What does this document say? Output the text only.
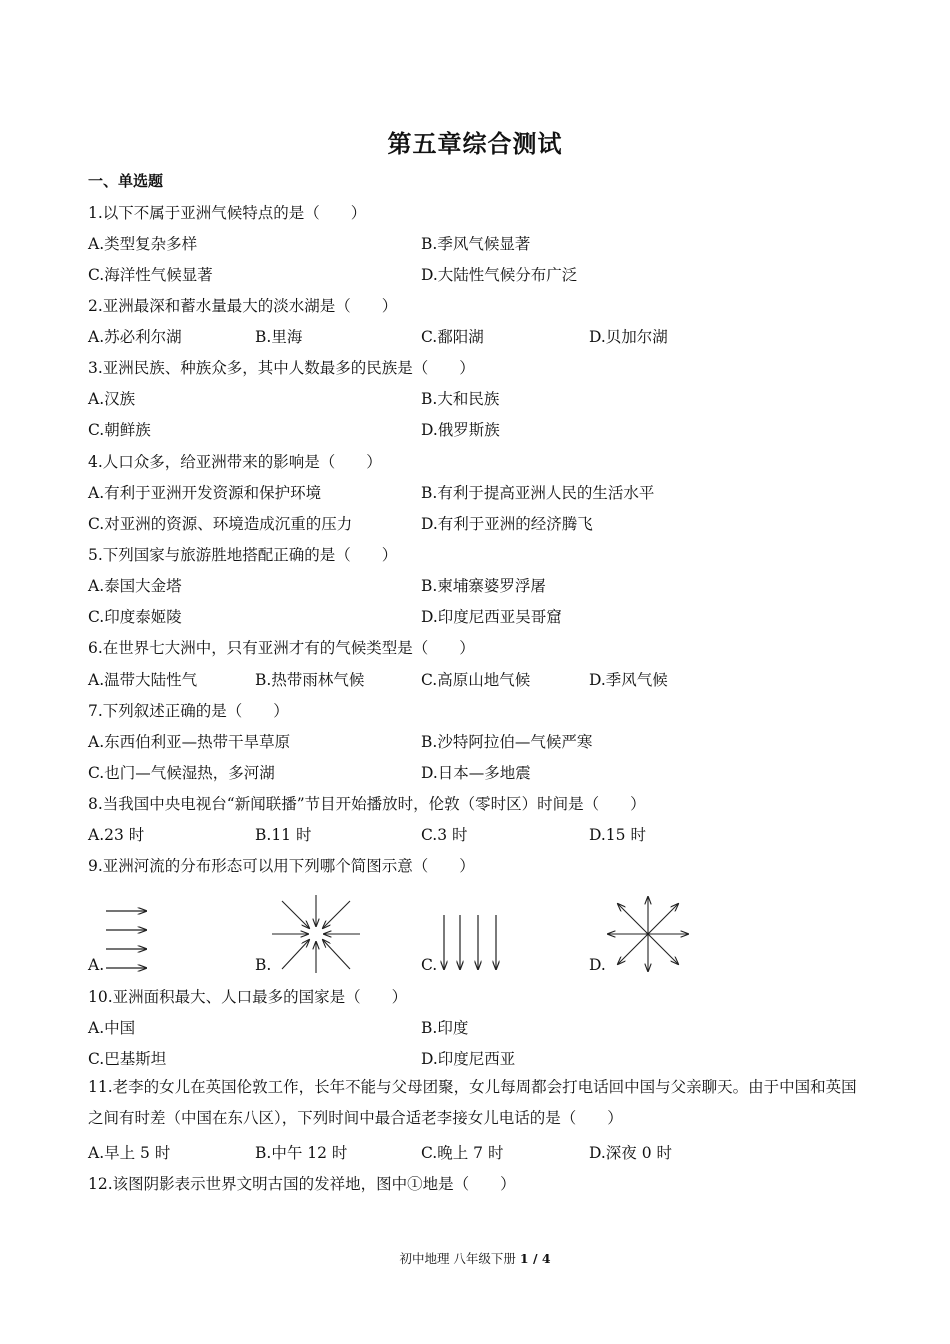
第五章综合测试
一、单选题
1.以下不属于亚洲气候特点的是（　　）
A.类型复杂多样	B.季风气候显著
C.海洋性气候显著	D.大陆性气候分布广泛
2.亚洲最深和蓄水量最大的淡水湖是（　　）
A.苏必利尔湖	B.里海	C.鄱阳湖	D.贝加尔湖
3.亚洲民族、种族众多，其中人数最多的民族是（　　）
A.汉族	B.大和民族
C.朝鲜族	D.俄罗斯族
4.人口众多，给亚洲带来的影响是（　　）
A.有利于亚洲开发资源和保护环境	B.有利于提高亚洲人民的生活水平
C.对亚洲的资源、环境造成沉重的压力	D.有利于亚洲的经济腾飞
5.下列国家与旅游胜地搭配正确的是（　　）
A.泰国大金塔	B.柬埔寨婆罗浮屠
C.印度泰姬陵	D.印度尼西亚吴哥窟
6.在世界七大洲中，只有亚洲才有的气候类型是（　　）
A.温带大陆性气	B.热带雨林气候	C.高原山地气候	D.季风气候
7.下列叙述正确的是（　　）
A.东西伯利亚—热带干旱草原	B.沙特阿拉伯—气候严寒
C.也门—气候湿热，多河湖	D.日本—多地震
8.当我国中央电视台“新闻联播”节目开始播放时，伦敦（零时区）时间是（　　）
A.23 时	B.11 时	C.3 时	D.15 时
9.亚洲河流的分布形态可以用下列哪个简图示意（　　）
A.	B.	C.	D.
10.亚洲面积最大、人口最多的国家是（　　）
A.中国	B.印度
C.巴基斯坦	D.印度尼西亚
11.老李的女儿在英国伦敦工作，长年不能与父母团聚，女儿每周都会打电话回中国与父亲聊天。由于中国和英国之间有时差（中国在东八区），下列时间中最合适老李接女儿电话的是（　　）
A.早上 5 时	B.中午 12 时	C.晚上 7 时	D.深夜 0 时
12.该图阴影表示世界文明古国的发祥地，图中①地是（　　）
初中地理 八年级下册 1 / 4
